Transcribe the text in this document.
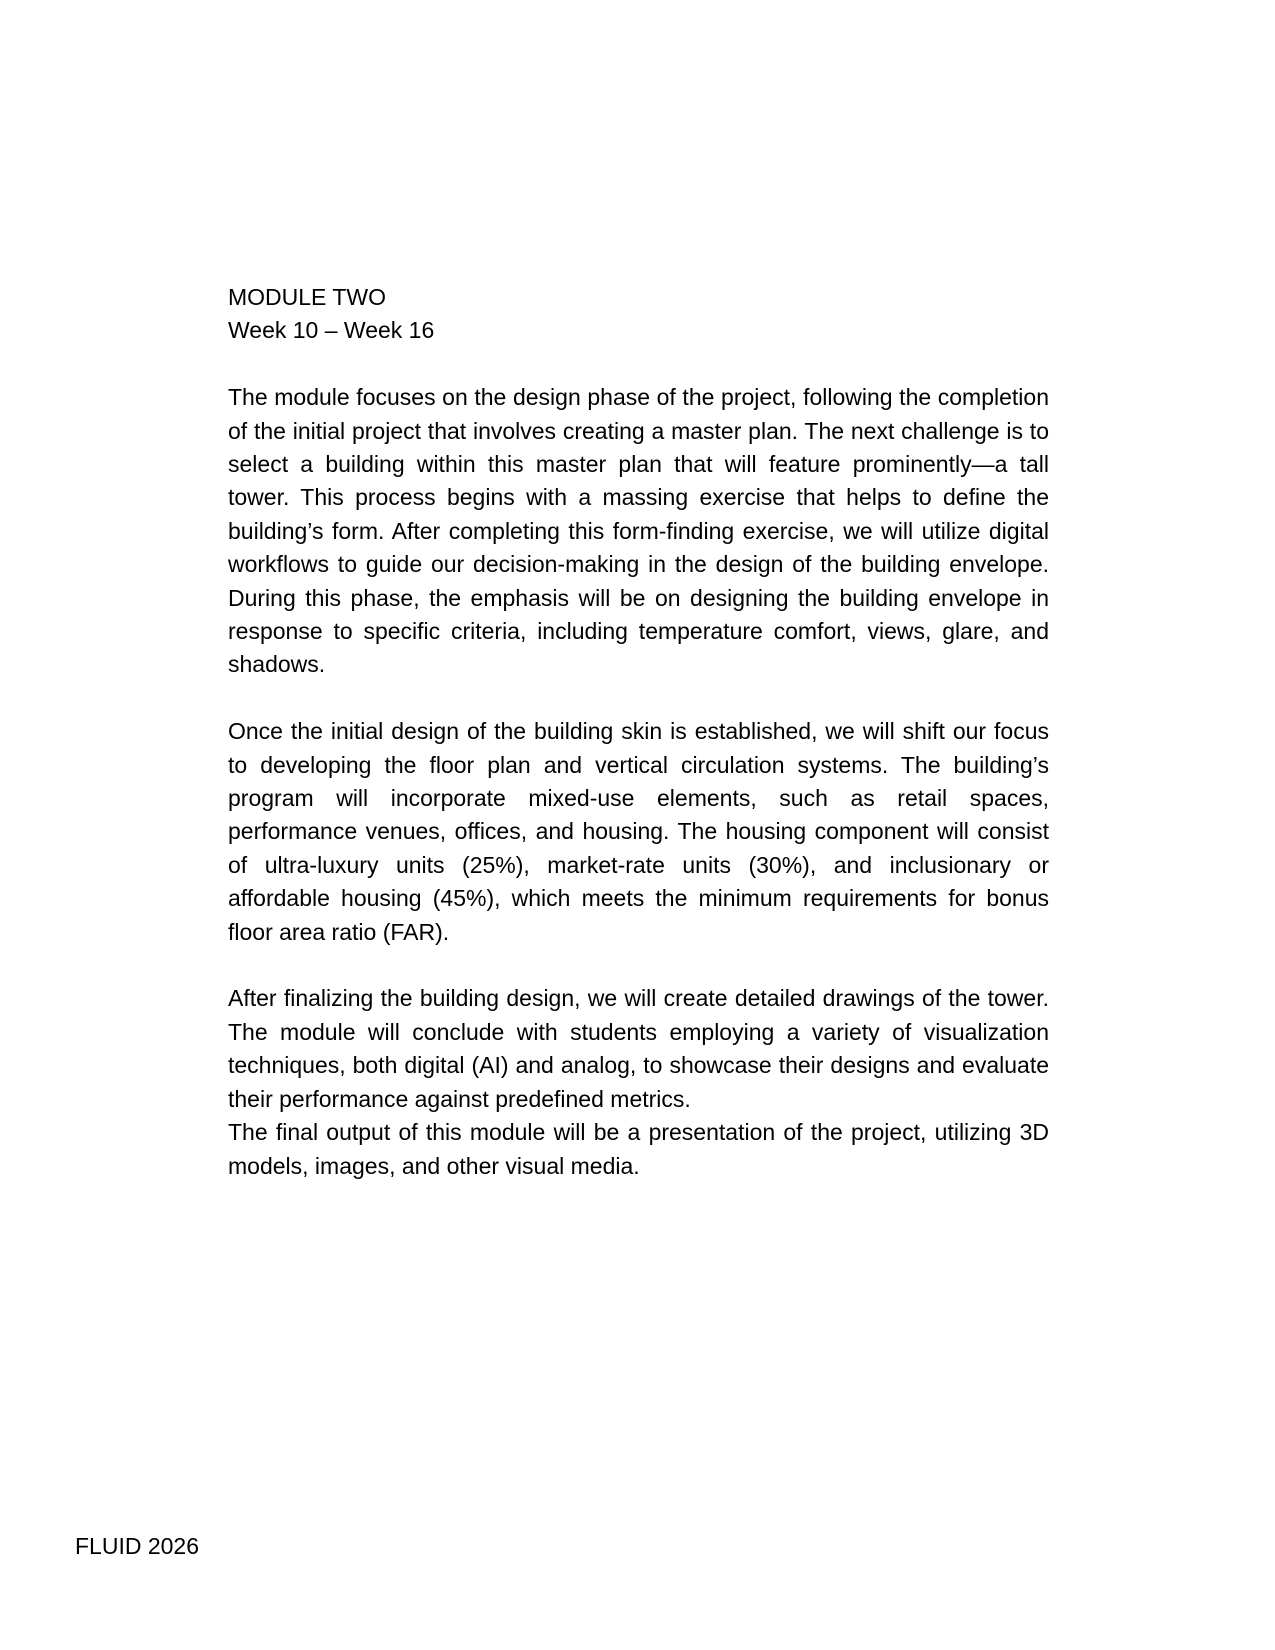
MODULE TWO
Week 10 – Week 16

The module focuses on the design phase of the project, following the completion of the initial project that involves creating a master plan. The next challenge is to select a building within this master plan that will feature prominently—a tall tower. This process begins with a massing exercise that helps to define the building’s form. After completing this form-finding exercise, we will utilize digital workflows to guide our decision-making in the design of the building envelope. During this phase, the emphasis will be on designing the building envelope in response to specific criteria, including temperature comfort, views, glare, and shadows.

Once the initial design of the building skin is established, we will shift our focus to developing the floor plan and vertical circulation systems. The building’s program will incorporate mixed-use elements, such as retail spaces, performance venues, offices, and housing. The housing component will consist of ultra-luxury units (25%), market-rate units (30%), and inclusionary or affordable housing (45%), which meets the minimum requirements for bonus floor area ratio (FAR).

After finalizing the building design, we will create detailed drawings of the tower. The module will conclude with students employing a variety of visualization techniques, both digital (AI) and analog, to showcase their designs and evaluate their performance against predefined metrics.

The final output of this module will be a presentation of the project, utilizing 3D models, images, and other visual media.

FLUID 2026
